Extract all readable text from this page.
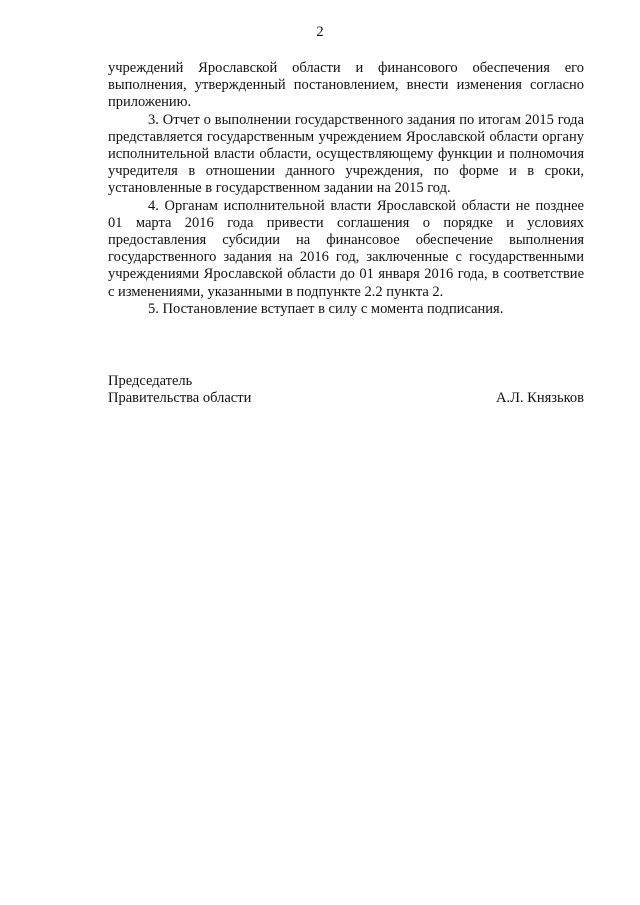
2

учреждений Ярославской области и финансового обеспечения его выполнения, утвержденный постановлением, внести изменения согласно приложению.

3. Отчет о выполнении государственного задания по итогам 2015 года представляется государственным учреждением Ярославской области органу исполнительной власти области, осуществляющему функции и полномочия учредителя в отношении данного учреждения, по форме и в сроки, установленные в государственном задании на 2015 год.

4. Органам исполнительной власти Ярославской области не позднее 01 марта 2016 года привести соглашения о порядке и условиях предоставления субсидии на финансовое обеспечение выполнения государственного задания на 2016 год, заключенные с государственными учреждениями Ярославской области до 01 января 2016 года, в соответствие с изменениями, указанными в подпункте 2.2 пункта 2.

5. Постановление вступает в силу с момента подписания.

Председатель
Правительства области	А.Л. Князьков
